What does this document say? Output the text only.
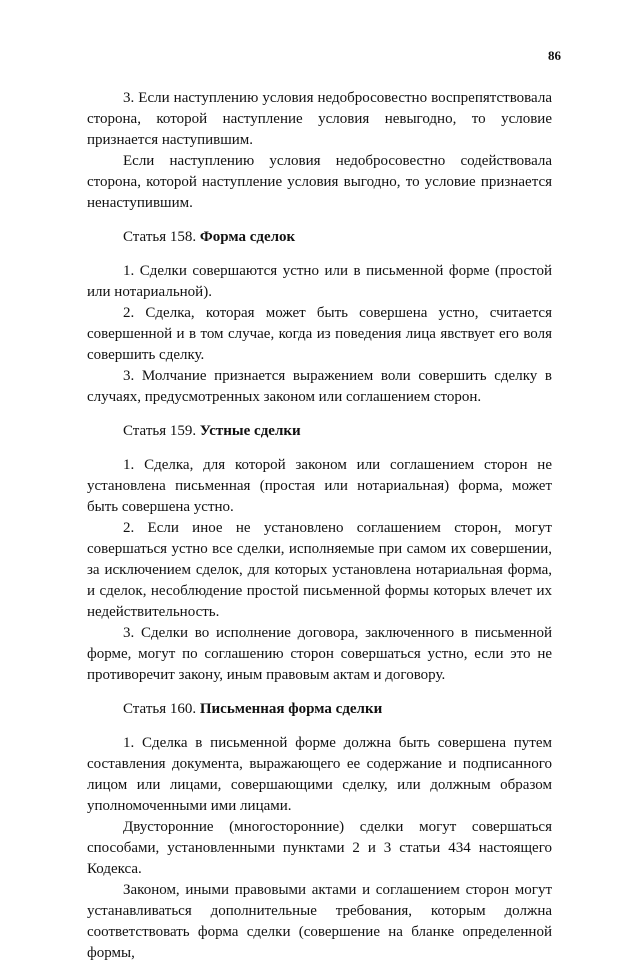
86

3. Если наступлению условия недобросовестно воспрепятствовала сторона, которой наступление условия невыгодно, то условие признается наступившим.

Если наступлению условия недобросовестно содействовала сторона, которой наступление условия выгодно, то условие признается ненаступившим.

Статья 158. Форма сделок

1. Сделки совершаются устно или в письменной форме (простой или нотариальной).

2. Сделка, которая может быть совершена устно, считается совершенной и в том случае, когда из поведения лица явствует его воля совершить сделку.

3. Молчание признается выражением воли совершить сделку в случаях, предусмотренных законом или соглашением сторон.

Статья 159. Устные сделки

1. Сделка, для которой законом или соглашением сторон не установлена письменная (простая или нотариальная) форма, может быть совершена устно.

2. Если иное не установлено соглашением сторон, могут совершаться устно все сделки, исполняемые при самом их совершении, за исключением сделок, для которых установлена нотариальная форма, и сделок, несоблюдение простой письменной формы которых влечет их недействительность.

3. Сделки во исполнение договора, заключенного в письменной форме, могут по соглашению сторон совершаться устно, если это не противоречит закону, иным правовым актам и договору.

Статья 160. Письменная форма сделки

1. Сделка в письменной форме должна быть совершена путем составления документа, выражающего ее содержание и подписанного лицом или лицами, совершающими сделку, или должным образом уполномоченными ими лицами.

Двусторонние (многосторонние) сделки могут совершаться способами, установленными пунктами 2 и 3 статьи 434 настоящего Кодекса.

Законом, иными правовыми актами и соглашением сторон могут устанавливаться дополнительные требования, которым должна соответствовать форма сделки (совершение на бланке определенной формы,
